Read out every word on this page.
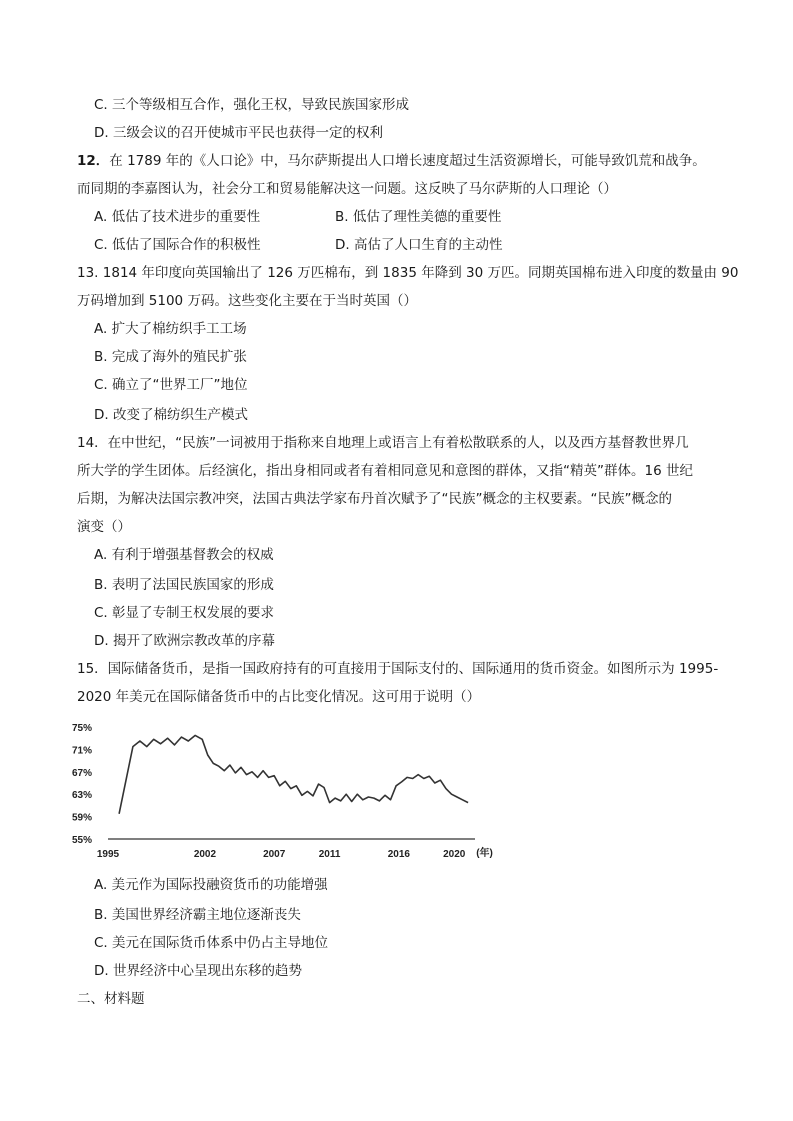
C. 三个等级相互合作，强化王权，导致民族国家形成
D. 三级会议的召开使城市平民也获得一定的权利
12．在 1789 年的《人口论》中，马尔萨斯提出人口增长速度超过生活资源增长，可能导致饥荒和战争。
而同期的李嘉图认为，社会分工和贸易能解决这一问题。这反映了马尔萨斯的人口理论（）
A. 低估了技术进步的重要性	B. 低估了理性美德的重要性
C. 低估了国际合作的积极性	D. 高估了人口生育的主动性
13. 1814 年印度向英国输出了 126 万匹棉布，到 1835 年降到 30 万匹。同期英国棉布进入印度的数量由 90
万码增加到 5100 万码。这些变化主要在于当时英国（）
A. 扩大了棉纺织手工工场
B. 完成了海外的殖民扩张
C. 确立了“世界工厂”地位
D. 改变了棉纺织生产模式
14．在中世纪，“民族”一词被用于指称来自地理上或语言上有着松散联系的人，以及西方基督教世界几
所大学的学生团体。后经演化，指出身相同或者有着相同意见和意图的群体，又指“精英”群体。16 世纪
后期，为解决法国宗教冲突，法国古典法学家布丹首次赋予了“民族”概念的主权要素。“民族”概念的
演变（）
A. 有利于增强基督教会的权威
B. 表明了法国民族国家的形成
C. 彰显了专制王权发展的要求
D. 揭开了欧洲宗教改革的序幕
15．国际储备货币，是指一国政府持有的可直接用于国际支付的、国际通用的货币资金。如图所示为 1995-
2020 年美元在国际储备货币中的占比变化情况。这可用于说明（）
55%
59%
63%
67%
71%
75%
1995	2002	2007	2011	2016	2020 (年)
A. 美元作为国际投融资货币的功能增强
B. 美国世界经济霸主地位逐渐丧失
C. 美元在国际货币体系中仍占主导地位
D. 世界经济中心呈现出东移的趋势
二、材料题
